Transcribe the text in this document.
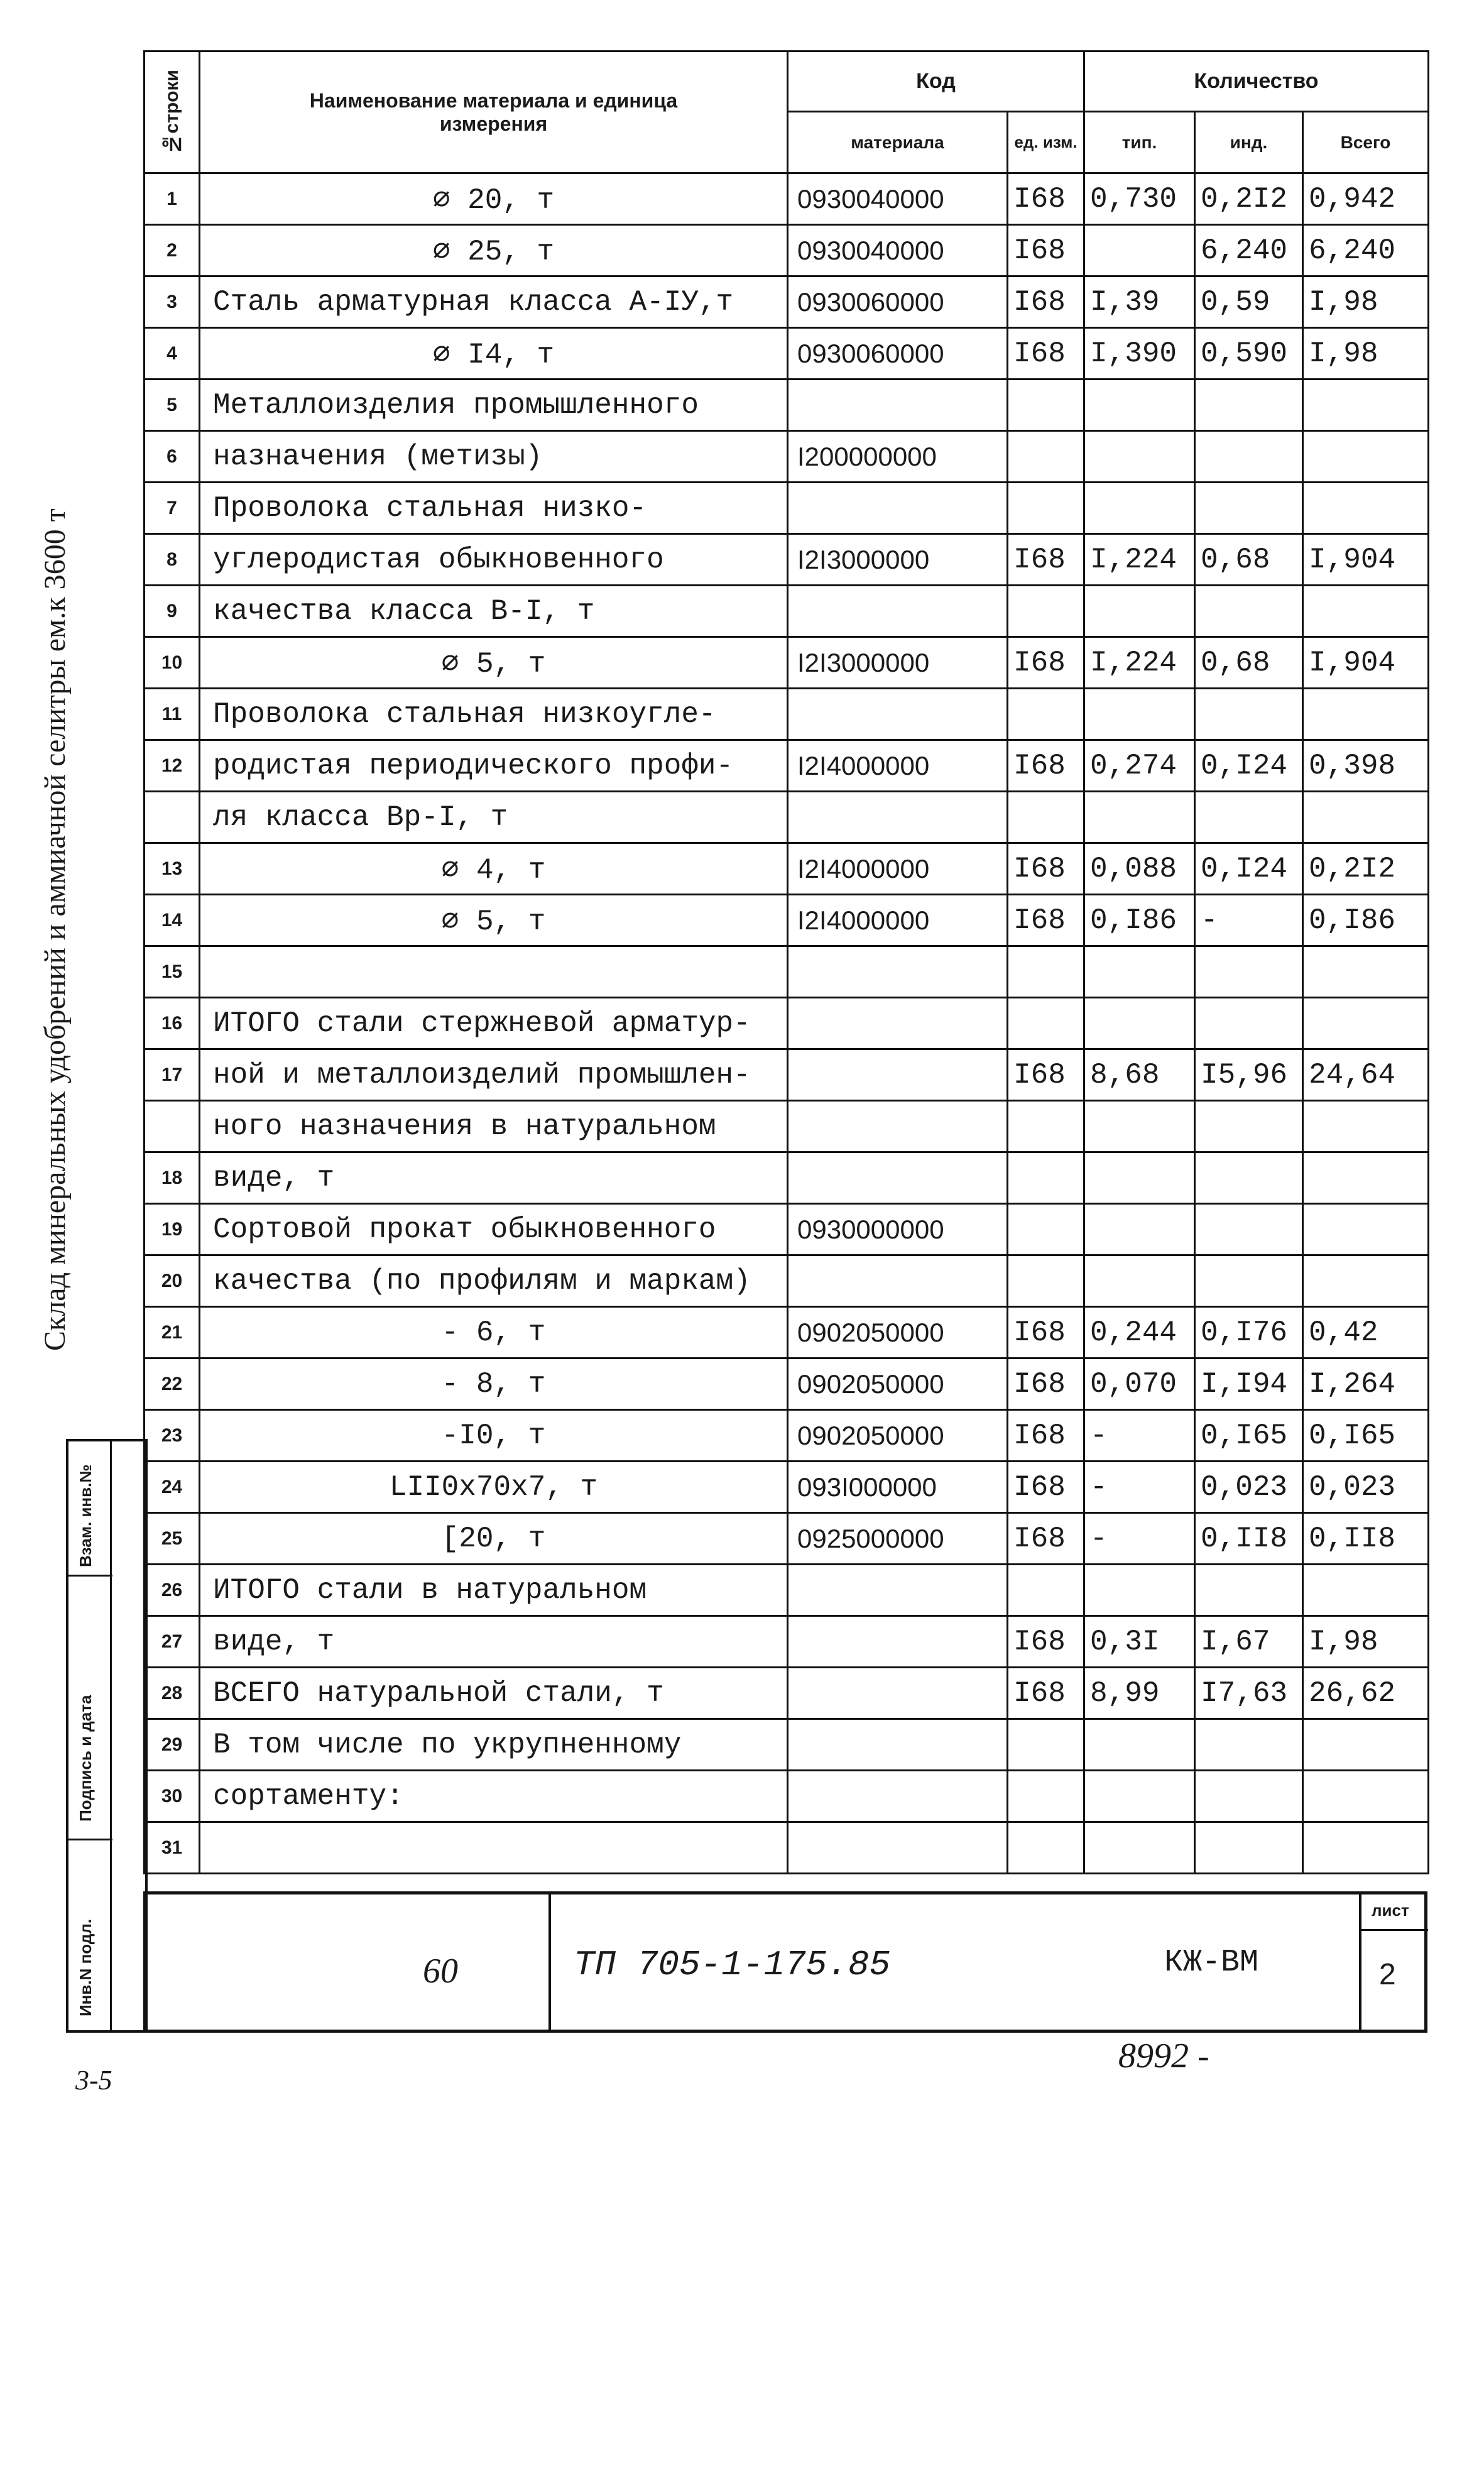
Склад минеральных удобрений и аммиачной селитры ем.к 3600 т
Взам. инв.№
Подпись и дата
Инв.N подл.
№строки	Наименование материала и единица измерения	Код		Количество		
		материала	ед. изм.	тип.	инд.	Всего
1	∅ 20, т	0930040000	I68	0,730	0,2I2	0,942
2	∅ 25, т	0930040000	I68		6,240	6,240
3	Сталь арматурная класса А-IУ,т	0930060000	I68	I,39	0,59	I,98
4	∅ I4, т	0930060000	I68	I,390	0,590	I,98
5	Металлоизделия промышленного					
6	назначения (метизы)	I200000000				
7	Проволока стальная низко-					
8	углеродистая обыкновенного	I2I3000000	I68	I,224	0,68	I,904
9	качества класса В-I, т					
10	∅ 5, т	I2I3000000	I68	I,224	0,68	I,904
11	Проволока стальная низкоугле-					
12	родистая периодического профи-	I2I4000000	I68	0,274	0,I24	0,398
	ля класса Вр-I, т					
13	∅ 4, т	I2I4000000	I68	0,088	0,I24	0,2I2
14	∅ 5, т	I2I4000000	I68	0,I86	-	0,I86
15						
16	ИТОГО стали стержневой арматур-					
17	ной и металлоизделий промышлен-		I68	8,68	I5,96	24,64
	ного назначения в натуральном					
18	виде, т					
19	Сортовой прокат обыкновенного	0930000000				
20	качества (по профилям и маркам)					
21	- 6, т	0902050000	I68	0,244	0,I76	0,42
22	- 8, т	0902050000	I68	0,070	I,I94	I,264
23	-I0, т	0902050000	I68	-	0,I65	0,I65
24	LII0x70x7, т	093I000000	I68	-	0,023	0,023
25	[20, т	0925000000	I68	-	0,II8	0,II8
26	ИТОГО стали в натуральном					
27	виде, т		I68	0,3I	I,67	I,98
28	ВСЕГО натуральной стали, т		I68	8,99	I7,63	26,62
29	В том числе по укрупненному					
30	сортаменту:					
31						
60	ТП 705-1-175.85	КЖ-ВМ
лист
2
3-5
8992 -
